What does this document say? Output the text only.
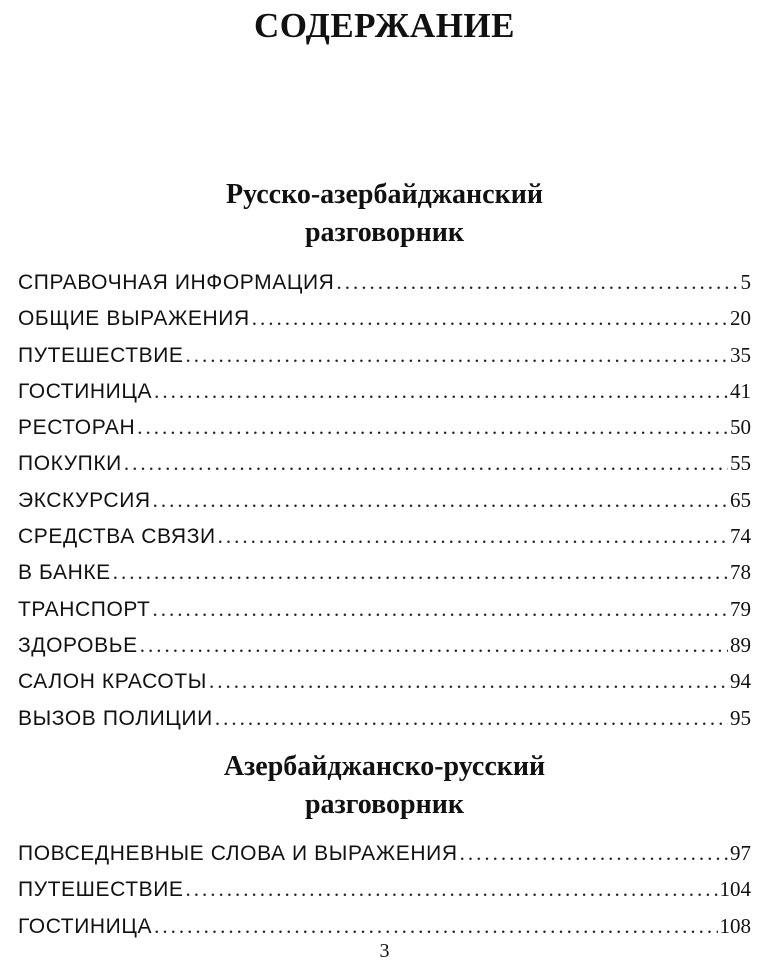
СОДЕРЖАНИЕ
Русско-азербайджанский
разговорник
СПРАВОЧНАЯ ИНФОРМАЦИЯ .....	5
ОБЩИЕ ВЫРАЖЕНИЯ .....	20
ПУТЕШЕСТВИЕ .....	35
ГОСТИНИЦА .....	41
РЕСТОРАН .....	50
ПОКУПКИ .....	55
ЭКСКУРСИЯ .....	65
СРЕДСТВА СВЯЗИ .....	74
В БАНКЕ .....	78
ТРАНСПОРТ .....	79
ЗДОРОВЬЕ .....	89
САЛОН КРАСОТЫ .....	94
ВЫЗОВ ПОЛИЦИИ .....	95
Азербайджанско-русский
разговорник
ПОВСЕДНЕВНЫЕ СЛОВА И ВЫРАЖЕНИЯ .....	97
ПУТЕШЕСТВИЕ .....	104
ГОСТИНИЦА .....	108
3
